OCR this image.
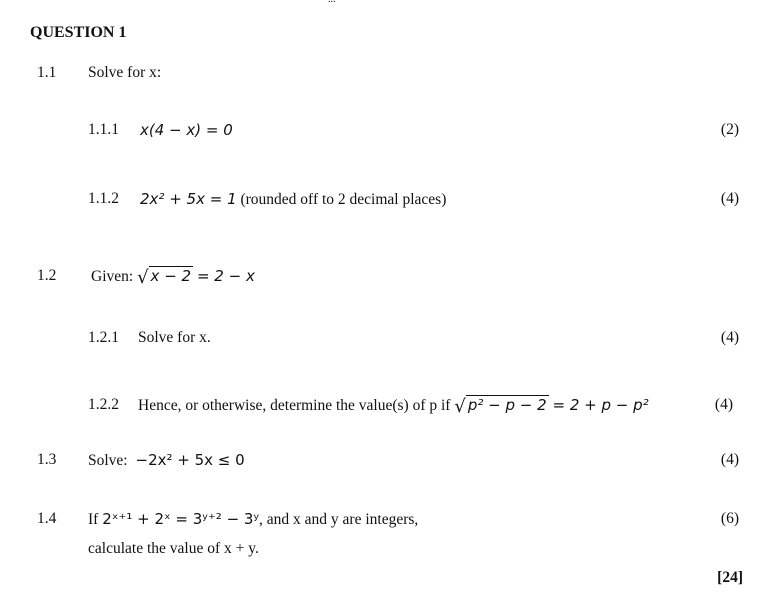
QUESTION 1
1.1 Solve for x:
1.1.1 x(4 − x) = 0	(2)
1.1.2 2x² + 5x = 1 (rounded off to 2 decimal places)	(4)
1.2 Given: √ x − 2 = 2 − x
1.2.1 Solve for x.	(4)
1.2.2 Hence, or otherwise, determine the value(s) of p if √ p² − p − 2 = 2 + p − p²	(4)
1.3 Solve: −2x² + 5x ≤ 0	(4)
1.4 If 2ˣ⁺¹ + 2ˣ = 3ʸ⁺² − 3ʸ, and x and y are integers,	(6)
calculate the value of x + y.
[24]
